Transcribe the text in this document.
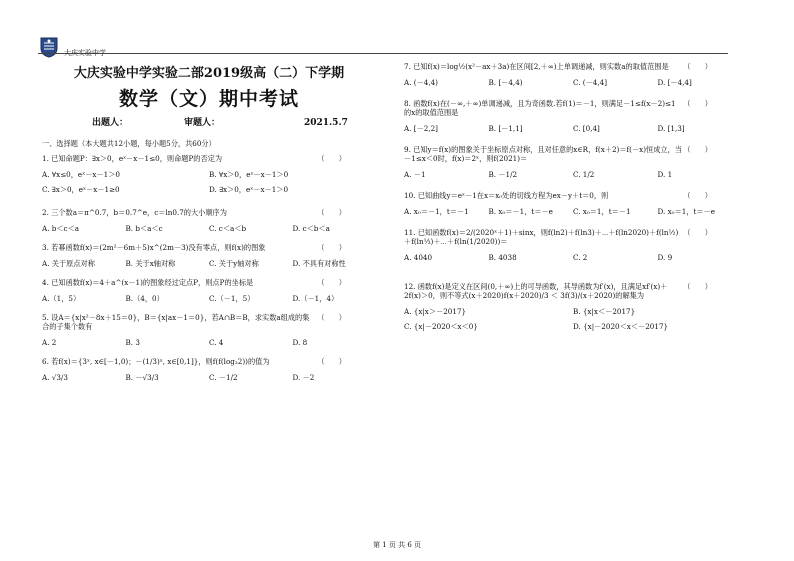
大庆实验中学
大庆实验中学实验二部2019级高（二）下学期
数学（文）期中考试
出题人：	审题人：	2021.5.7
一、选择题（本大题共12小题，每小题5分，共60分）
1. 已知命题P：∃x＞0，eˣ－x－1≤0，则命题P的否定为	（　　）
A. ∀x≤0，eˣ－x－1＞0	B. ∀x＞0，eˣ－x－1＞0
C. ∃x＞0，eˣ－x－1≥0	D. ∃x＞0，eˣ－x－1＞0
2. 三个数a＝π^0.7，b＝0.7^e，c＝ln0.7的大小顺序为	（　　）
A. b＜c＜a	B. b＜a＜c	C. c＜a＜b	D. c＜b＜a
3. 若幂函数f(x)＝(2m²－6m＋5)x^(2m－3)没有零点，则f(x)的图象	（　　）
A. 关于原点对称	B. 关于x轴对称	C. 关于y轴对称	D. 不具有对称性
4. 已知函数f(x)＝4＋a^(x－1)的图象经过定点P，则点P的坐标是	（　　）
A.（1，5）	B.（4，0）	C.（－1，5）	D.（－1，4）
5. 设A＝{x|x²－8x＋15＝0}，B＝{x|ax－1＝0}，若A∩B＝B，求实数a组成的集合的子集个数有
（　　）
A. 2	B. 3	C. 4	D. 8
6. 若f(x)＝{3ˣ, x∈[－1,0)；－(1/3)ˣ, x∈[0,1]}，则f(f(log₃2))的值为	（　　）
A. √3/3	B. －√3/3	C. －1/2	D. －2
7. 已知f(x)＝log½(x²－ax＋3a)在区间[2,＋∞)上单调递减，则实数a的取值范围是	（　　）
A. (－4,4)	B. [－4,4)	C. (－4,4]	D. [－4,4]
8. 函数f(x)在(－∞,＋∞)单调递减，且为奇函数.若f(1)＝－1，则满足－1≤f(x－2)≤1的x的取值范围是
（　　）
A. [－2,2]	B. [－1,1]	C. [0,4]	D. [1,3]
9. 已知y＝f(x)的图象关于坐标原点对称，且对任意的x∈R，f(x＋2)＝f(－x)恒成立，当－1≤x＜0时，f(x)＝2ˣ，则f(2021)＝
（　　）
A. －1	B. －1/2	C. 1/2	D. 1
10. 已知曲线y＝eˣ－1在x＝x₀处的切线方程为ex－y＋t＝0，则	（　　）
A. x₀＝－1，t＝－1	B. x₀＝－1，t＝－e	C. x₀＝1，t＝－1	D. x₀＝1，t＝－e
11. 已知函数f(x)＝2/(2020ˣ＋1)＋sinx，则f(ln2)＋f(ln3)＋⋯＋f(ln2020)＋f(ln½)＋f(ln⅓)＋⋯＋f(ln(1/2020))＝
（　　）
A. 4040	B. 4038	C. 2	D. 9
12. 函数f(x)是定义在区间(0,＋∞)上的可导函数，其导函数为f′(x)，且满足xf′(x)＋2f(x)＞0，则不等式(x＋2020)f(x＋2020)/3 ＜ 3f(3)/(x＋2020)的解集为
（　　）
A. {x|x＞－2017}	B. {x|x＜－2017}
C. {x|－2020＜x＜0}	D. {x|－2020＜x＜－2017}
第 1 页 共 6 页
